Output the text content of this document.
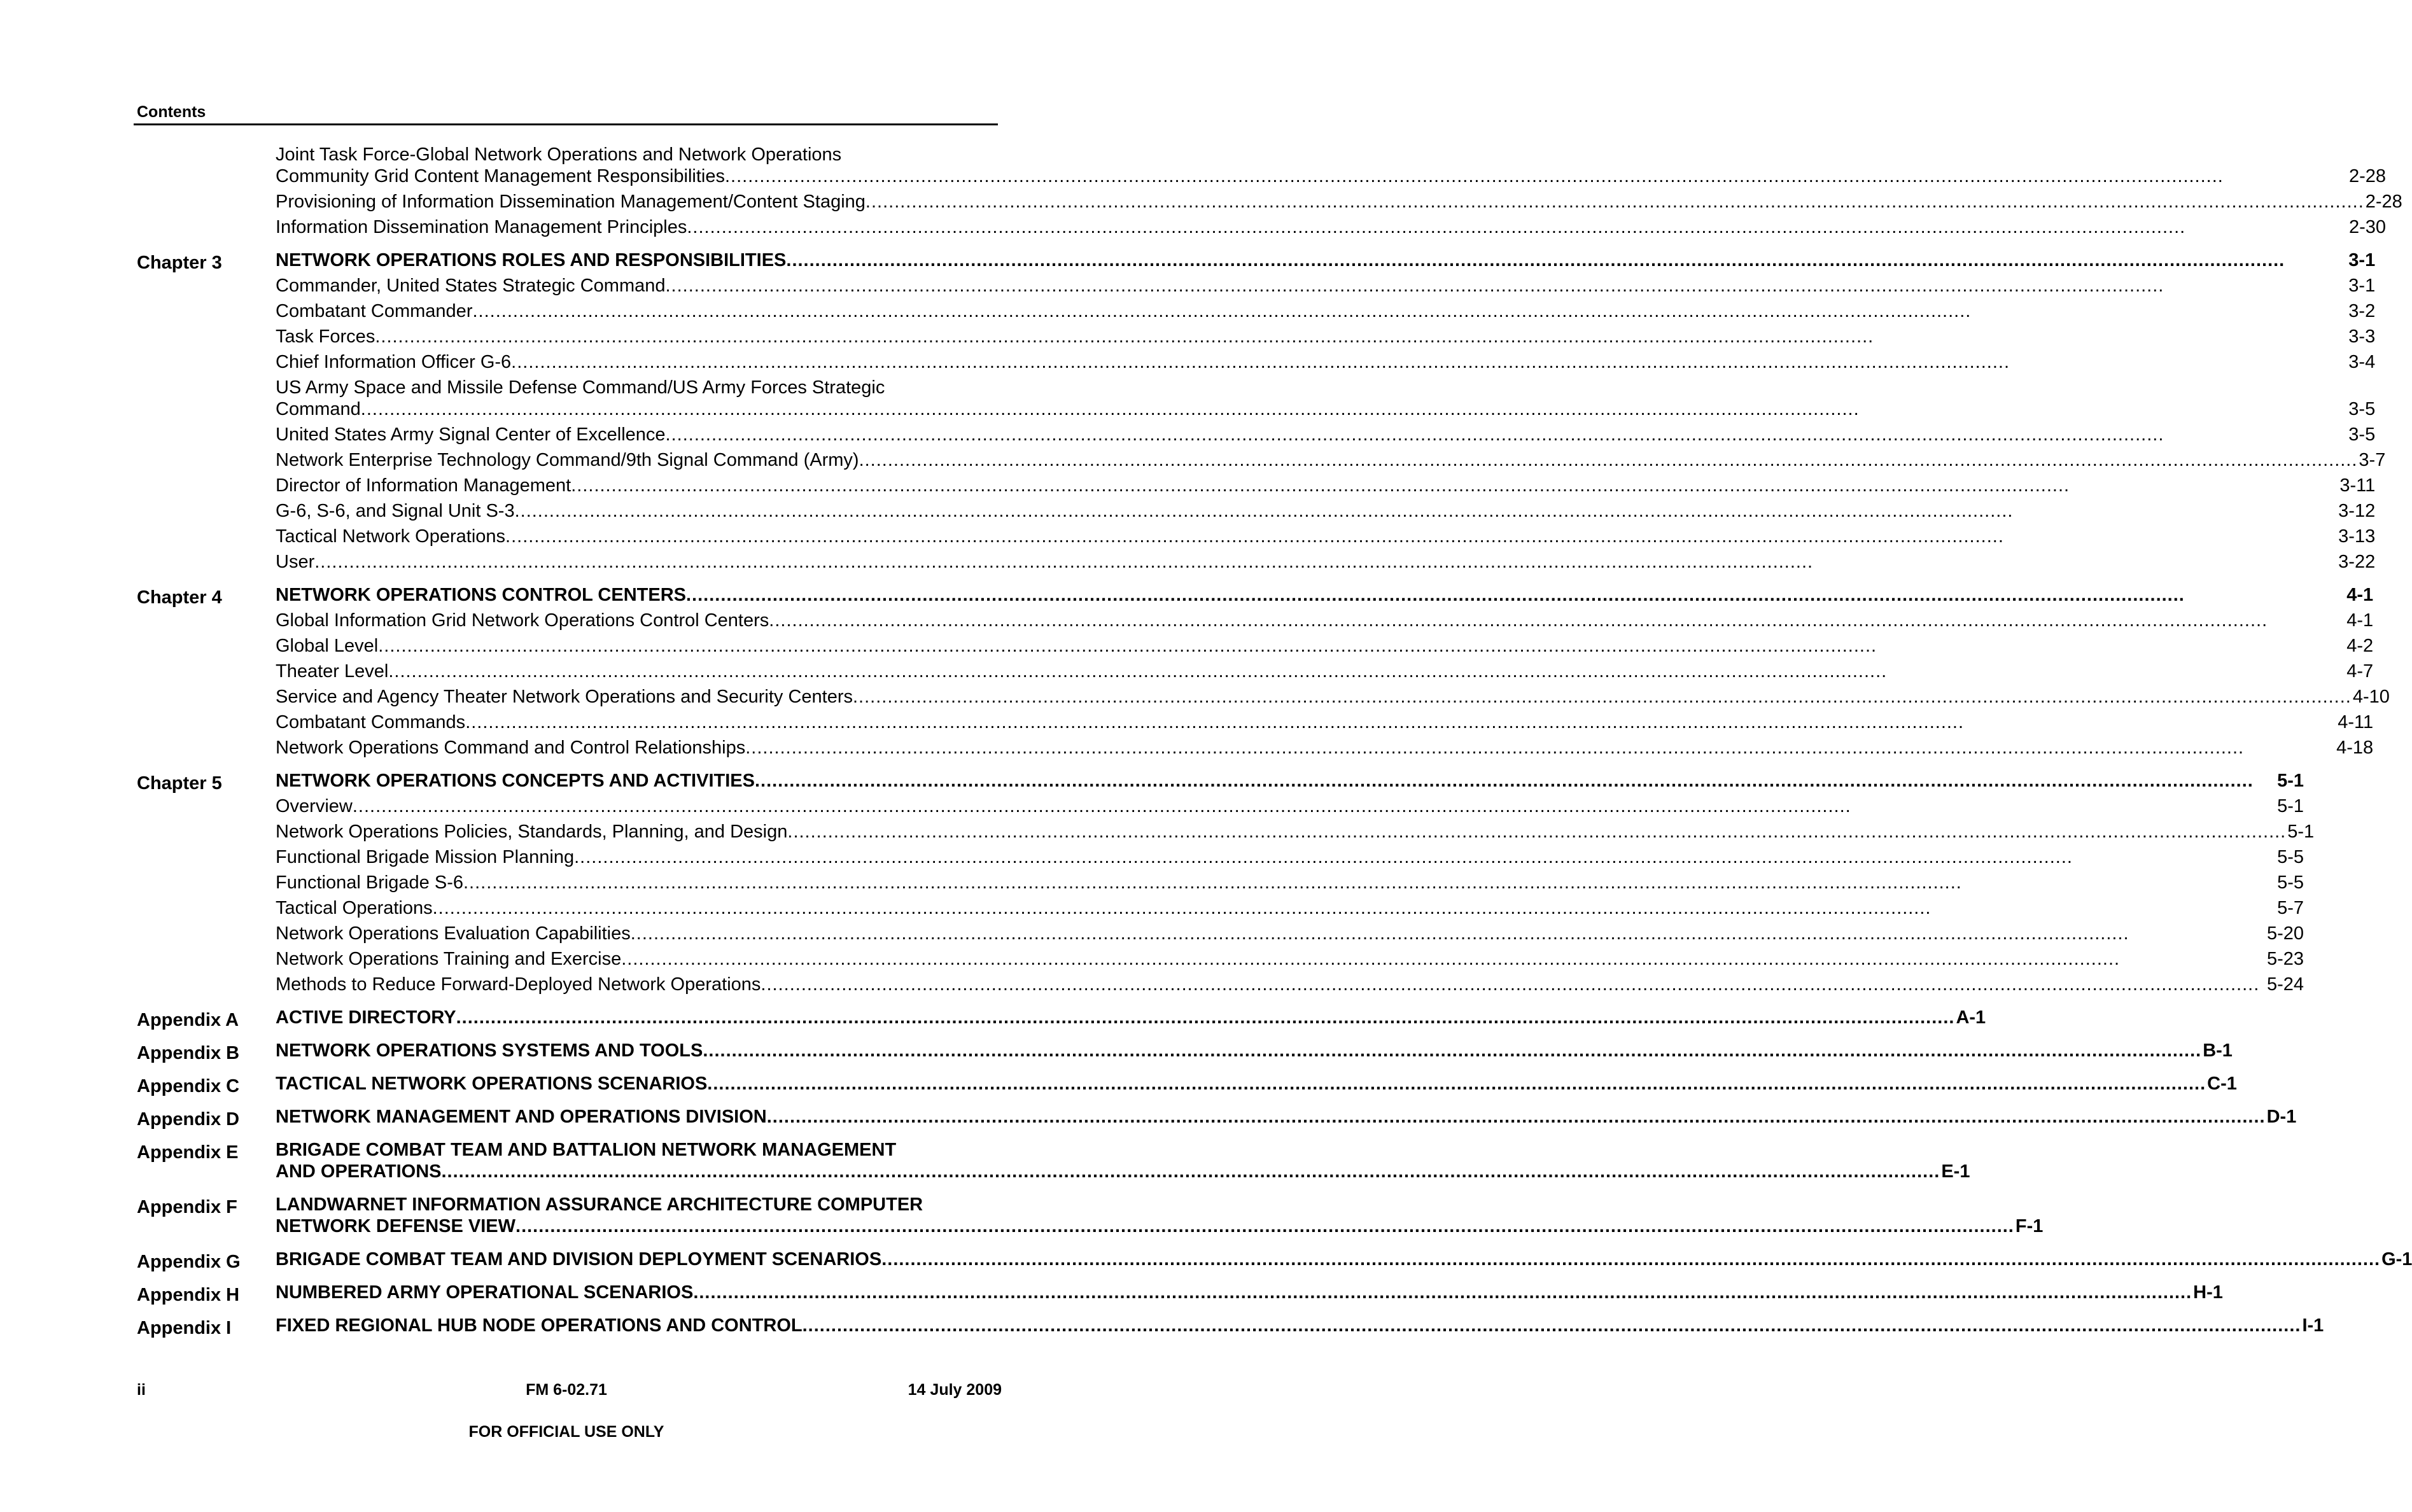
Contents
Joint Task Force-Global Network Operations and Network Operations
Community Grid Content Management Responsibilities .....	2-28
Provisioning of Information Dissemination Management/Content Staging .....	2-28
Information Dissemination Management Principles .....	2-30
Chapter 3	NETWORK OPERATIONS ROLES AND RESPONSIBILITIES .....	3-1
Commander, United States Strategic Command .....	3-1
Combatant Commander .....	3-2
Task Forces .....	3-3
Chief Information Officer G-6 .....	3-4
US Army Space and Missile Defense Command/US Army Forces Strategic
Command .....	3-5
United States Army Signal Center of Excellence .....	3-5
Network Enterprise Technology Command/9th Signal Command (Army) .....	3-7
Director of Information Management .....	3-11
G-6, S-6, and Signal Unit S-3 .....	3-12
Tactical Network Operations .....	3-13
User .....	3-22
Chapter 4	NETWORK OPERATIONS CONTROL CENTERS .....	4-1
Global Information Grid Network Operations Control Centers .....	4-1
Global Level .....	4-2
Theater Level .....	4-7
Service and Agency Theater Network Operations and Security Centers .....	4-10
Combatant Commands .....	4-11
Network Operations Command and Control Relationships .....	4-18
Chapter 5	NETWORK OPERATIONS CONCEPTS AND ACTIVITIES .....	5-1
Overview .....	5-1
Network Operations Policies, Standards, Planning, and Design .....	5-1
Functional Brigade Mission Planning .....	5-5
Functional Brigade S-6 .....	5-5
Tactical Operations .....	5-7
Network Operations Evaluation Capabilities .....	5-20
Network Operations Training and Exercise .....	5-23
Methods to Reduce Forward-Deployed Network Operations .....	5-24
Appendix A	ACTIVE DIRECTORY .....	A-1
Appendix B	NETWORK OPERATIONS SYSTEMS AND TOOLS .....	B-1
Appendix C	TACTICAL NETWORK OPERATIONS SCENARIOS .....	C-1
Appendix D	NETWORK MANAGEMENT AND OPERATIONS DIVISION .....	D-1
Appendix E	BRIGADE COMBAT TEAM AND BATTALION NETWORK MANAGEMENT
AND OPERATIONS .....	E-1
Appendix F	LANDWARNET INFORMATION ASSURANCE ARCHITECTURE COMPUTER
NETWORK DEFENSE VIEW .....	F-1
Appendix G	BRIGADE COMBAT TEAM AND DIVISION DEPLOYMENT SCENARIOS .....	G-1
Appendix H	NUMBERED ARMY OPERATIONAL SCENARIOS .....	H-1
Appendix I	FIXED REGIONAL HUB NODE OPERATIONS AND CONTROL .....	I-1
ii	FM 6-02.71	14 July 2009
FOR OFFICIAL USE ONLY
